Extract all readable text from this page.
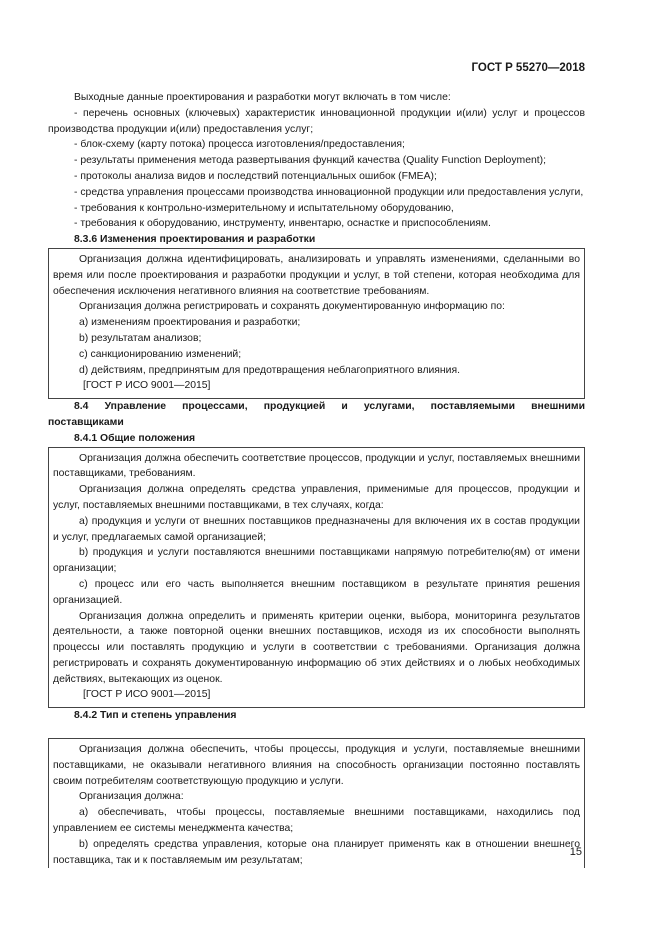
ГОСТ Р 55270—2018

Выходные данные проектирования и разработки могут включать в том числе:

- перечень основных (ключевых) характеристик инновационной продукции и(или) услуг и процессов производства продукции и(или) предоставления услуг;

- блок-схему (карту потока) процесса изготовления/предоставления;

- результаты применения метода развертывания функций качества (Quality Function Deployment);

- протоколы анализа видов и последствий потенциальных ошибок (FMEA);

- средства управления процессами производства инновационной продукции или предоставления услуги,

- требования к контрольно-измерительному и испытательному оборудованию,

- требования к оборудованию, инструменту, инвентарю, оснастке и приспособлениям.

8.3.6 Изменения проектирования и разработки

Организация должна идентифицировать, анализировать и управлять изменениями, сделанными во время или после проектирования и разработки продукции и услуг, в той степени, которая необходима для обеспечения исключения негативного влияния на соответствие требованиям.

Организация должна регистрировать и сохранять документированную информацию по:

а) изменениям проектирования и разработки;

b) результатам анализов;

с) санкционированию изменений;

d) действиям, предпринятым для предотвращения неблагоприятного влияния.

[ГОСТ Р ИСО 9001—2015]

8.4 Управление процессами, продукцией и услугами, поставляемыми внешними поставщиками

8.4.1 Общие положения

Организация должна обеспечить соответствие процессов, продукции и услуг, поставляемых внешними поставщиками, требованиям.

Организация должна определять средства управления, применимые для процессов, продукции и услуг, поставляемых внешними поставщиками, в тех случаях, когда:

а) продукция и услуги от внешних поставщиков предназначены для включения их в состав продукции и услуг, предлагаемых самой организацией;

b) продукция и услуги поставляются внешними поставщиками напрямую потребителю(ям) от имени организации;

с) процесс или его часть выполняется внешним поставщиком в результате принятия решения организацией.

Организация должна определить и применять критерии оценки, выбора, мониторинга результатов деятельности, а также повторной оценки внешних поставщиков, исходя из их способности выполнять процессы или поставлять продукцию и услуги в соответствии с требованиями. Организация должна регистрировать и сохранять документированную информацию об этих действиях и о любых необходимых действиях, вытекающих из оценок.

[ГОСТ Р ИСО 9001—2015]

8.4.2 Тип и степень управления

Организация должна обеспечить, чтобы процессы, продукция и услуги, поставляемые внешними поставщиками, не оказывали негативного влияния на способность организации постоянно поставлять своим потребителям соответствующую продукцию и услуги.

Организация должна:

а) обеспечивать, чтобы процессы, поставляемые внешними поставщиками, находились под управлением ее системы менеджмента качества;

b) определять средства управления, которые она планирует применять как в отношении внешнего поставщика, так и к поставляемым им результатам;

15
